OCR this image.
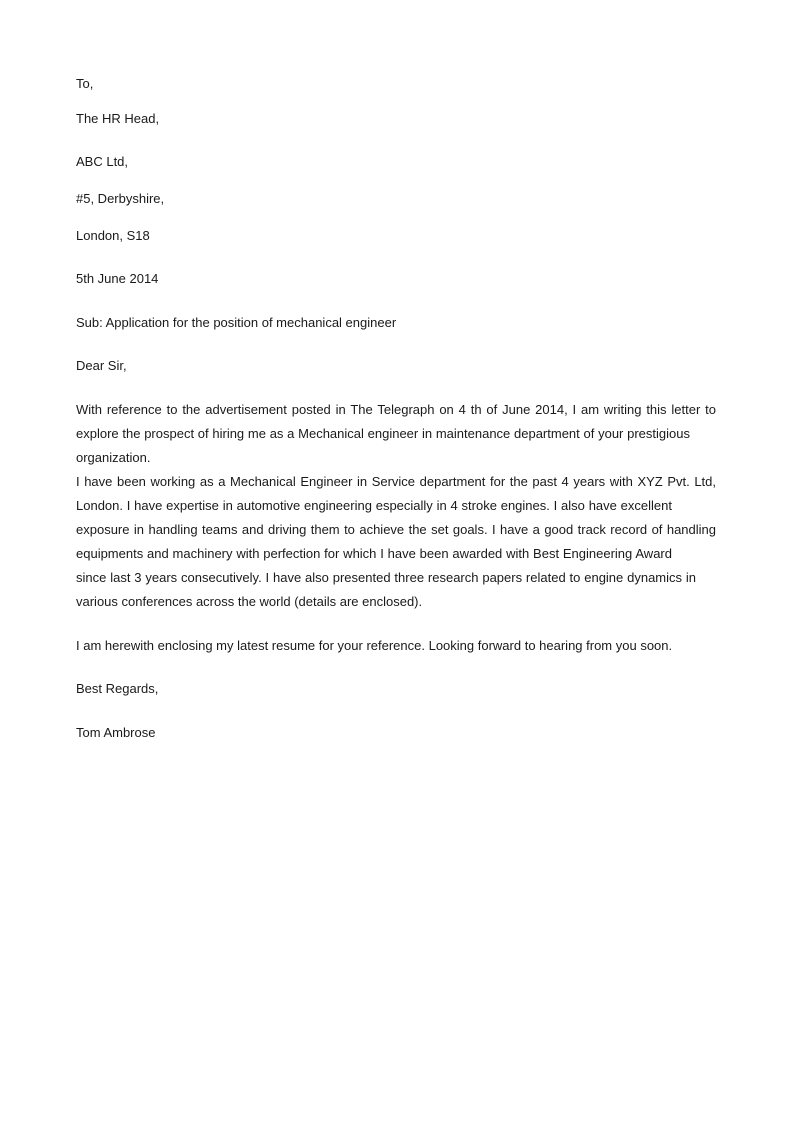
To,
The HR Head,
ABC Ltd,
#5, Derbyshire,
London, S18
5th June 2014
Sub: Application for the position of mechanical engineer
Dear Sir,
With reference to the advertisement posted in The Telegraph on 4 th of June 2014, I am writing this letter to
explore the prospect of hiring me as a Mechanical engineer in maintenance department of your prestigious
organization.
I have been working as a Mechanical Engineer in Service department for the past 4 years with XYZ Pvt. Ltd,
London. I have expertise in automotive engineering especially in 4 stroke engines. I also have excellent
exposure in handling teams and driving them to achieve the set goals. I have a good track record of handling
equipments and machinery with perfection for which I have been awarded with Best Engineering Award
since last 3 years consecutively. I have also presented three research papers related to engine dynamics in
various conferences across the world (details are enclosed).
I am herewith enclosing my latest resume for your reference. Looking forward to hearing from you soon.
Best Regards,
Tom Ambrose
